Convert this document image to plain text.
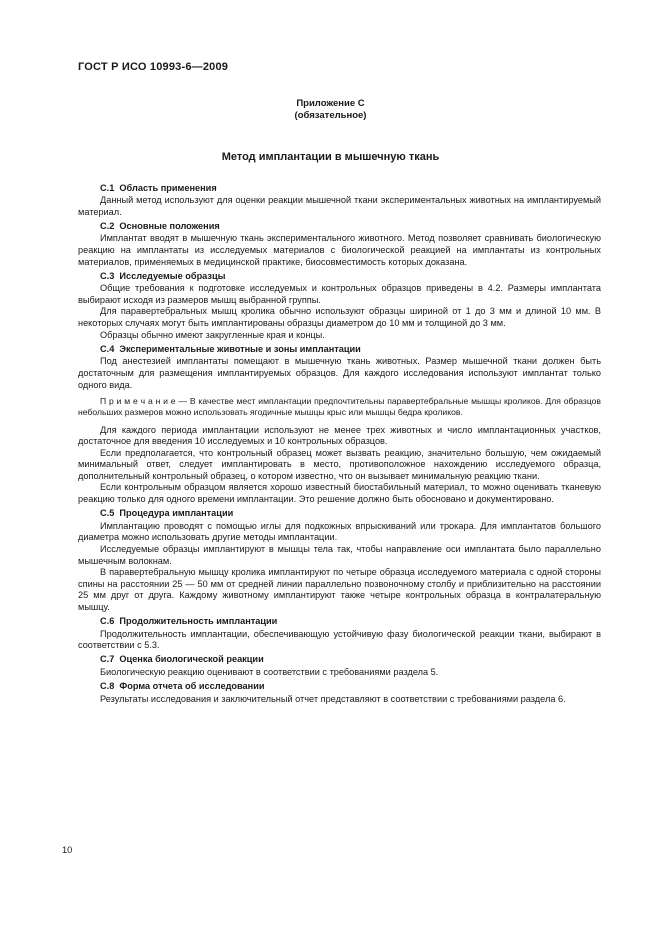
ГОСТ Р ИСО 10993-6—2009
Приложение С
(обязательное)
Метод имплантации в мышечную ткань
С.1  Область применения

Данный метод используют для оценки реакции мышечной ткани экспериментальных животных на имплантируемый материал.

С.2  Основные положения

Имплантат вводят в мышечную ткань экспериментального животного. Метод позволяет сравнивать биологическую реакцию на имплантаты из исследуемых материалов с биологической реакцией на имплантаты из контрольных материалов, применяемых в медицинской практике, биосовместимость которых доказана.

С.3  Исследуемые образцы

Общие требования к подготовке исследуемых и контрольных образцов приведены в 4.2. Размеры имплантата выбирают исходя из размеров мышц выбранной группы.

Для паравертебральных мышц кролика обычно используют образцы шириной от 1 до 3 мм и длиной 10 мм. В некоторых случаях могут быть имплантированы образцы диаметром до 10 мм и толщиной до 3 мм.

Образцы обычно имеют закругленные края и концы.

С.4  Экспериментальные животные и зоны имплантации

Под анестезией имплантаты помещают в мышечную ткань животных. Размер мышечной ткани должен быть достаточным для размещения имплантируемых образцов. Для каждого исследования используют имплантат только одного вида.

П р и м е ч а н и е — В качестве мест имплантации предпочтительны паравертебральные мышцы кроликов. Для образцов небольших размеров можно использовать ягодичные мышцы крыс или мышцы бедра кроликов.

Для каждого периода имплантации используют не менее трех животных и число имплантационных участков, достаточное для введения 10 исследуемых и 10 контрольных образцов.

Если предполагается, что контрольный образец может вызвать реакцию, значительно большую, чем ожидаемый минимальный ответ, следует имплантировать в место, противоположное нахождению исследуемого образца, дополнительный контрольный образец, о котором известно, что он вызывает минимальную реакцию ткани.

Если контрольным образцом является хорошо известный биостабильный материал, то можно оценивать тканевую реакцию только для одного времени имплантации. Это решение должно быть обосновано и документировано.

С.5  Процедура имплантации

Имплантацию проводят с помощью иглы для подкожных впрыскиваний или трокара. Для имплантатов большого диаметра можно использовать другие методы имплантации.

Исследуемые образцы имплантируют в мышцы тела так, чтобы направление оси имплантата было параллельно мышечным волокнам.

В паравертебральную мышцу кролика имплантируют по четыре образца исследуемого материала с одной стороны спины на расстоянии 25 — 50 мм от средней линии параллельно позвоночному столбу и приблизительно на расстоянии 25 мм друг от друга. Каждому животному имплантируют также четыре контрольных образца в контралатеральную мышцу.

С.6  Продолжительность имплантации

Продолжительность имплантации, обеспечивающую устойчивую фазу биологической реакции ткани, выбирают в соответствии с 5.3.

С.7  Оценка биологической реакции

Биологическую реакцию оценивают в соответствии с требованиями раздела 5.

С.8  Форма отчета об исследовании

Результаты исследования и заключительный отчет представляют в соответствии с требованиями раздела 6.

10
